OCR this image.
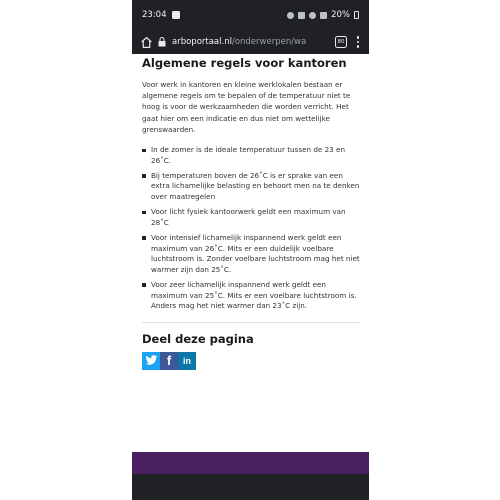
23:04	20%
arboportaal.nl /onderwerpen/wa	80
Algemene regels voor kantoren

Voor werk in kantoren en kleine werklokalen bestaan er algemene regels om te bepalen of de temperatuur niet te hoog is voor de werkzaamheden die worden verricht. Het gaat hier om een indicatie en dus niet om wettelijke grenswaarden.

In de zomer is de ideale temperatuur tussen de 23 en 26˚C.
Bij temperaturen boven de 26˚C is er sprake van een extra lichamelijke belasting en behoort men na te denken over maatregelen
Voor licht fysiek kantoorwerk geldt een maximum van 28˚C
Voor intensief lichamelijk inspannend werk geldt een maximum van 26˚C. Mits er een duidelijk voelbare luchtstroom is. Zonder voelbare luchtstroom mag het niet warmer zijn dan 25˚C.
Voor zeer lichamelijk inspannend werk geldt een maximum van 25˚C. Mits er een voelbare luchtstroom is. Anders mag het niet warmer dan 23˚C zijn.
Deel deze pagina
f	in
